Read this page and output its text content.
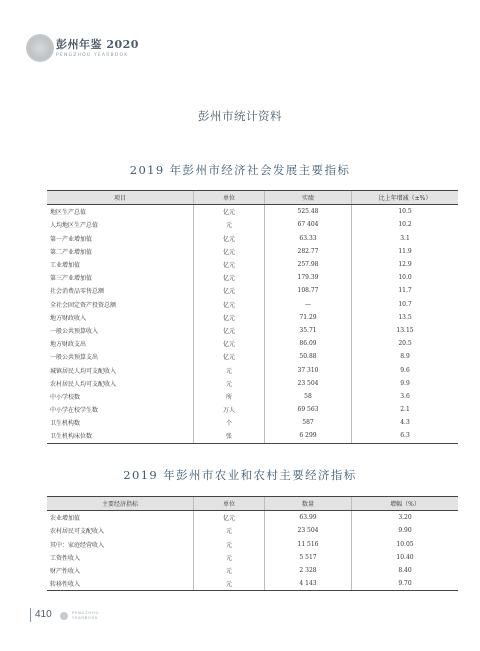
彭州年鉴 2020
PENGZHOU YEARBOOK
彭州市统计资料
2019 年彭州市经济社会发展主要指标
项目	单位	实绩	比上年增减（±%）
地区生产总值	亿元	525.48	10.5
人均地区生产总值	元	67 404	10.2
第一产业增加值	亿元	63.33	3.1
第二产业增加值	亿元	282.77	11.9
工业增加值	亿元	257.98	12.9
第三产业增加值	亿元	179.39	10.0
社会消费品零售总额	亿元	108.77	11.7
全社会固定资产投资总额	亿元	—	10.7
地方财政收入	亿元	71.29	13.5
一般公共预算收入	亿元	35.71	13.15
地方财政支出	亿元	86.09	20.5
一般公共预算支出	亿元	50.88	8.9
城镇居民人均可支配收入	元	37 310	9.6
农村居民人均可支配收入	元	23 504	9.9
中小学校数	所	58	3.6
中小学在校学生数	万人	69 563	2.1
卫生机构数	个	587	4.3
卫生机构床位数	张	6 299	6.3
2019 年彭州市农业和农村主要经济指标
主要经济指标	单位	数量	增幅（%）
农业增加值	亿元	63.99	3.20
农村居民可支配收入	元	23 504	9.90
其中：家庭经营收入	元	11 516	10.05
工资性收入	元	5 517	10.40
财产性收入	元	2 328	8.40
转移性收入	元	4 143	9.70
410	PENGZHOU
YEARBOOK
